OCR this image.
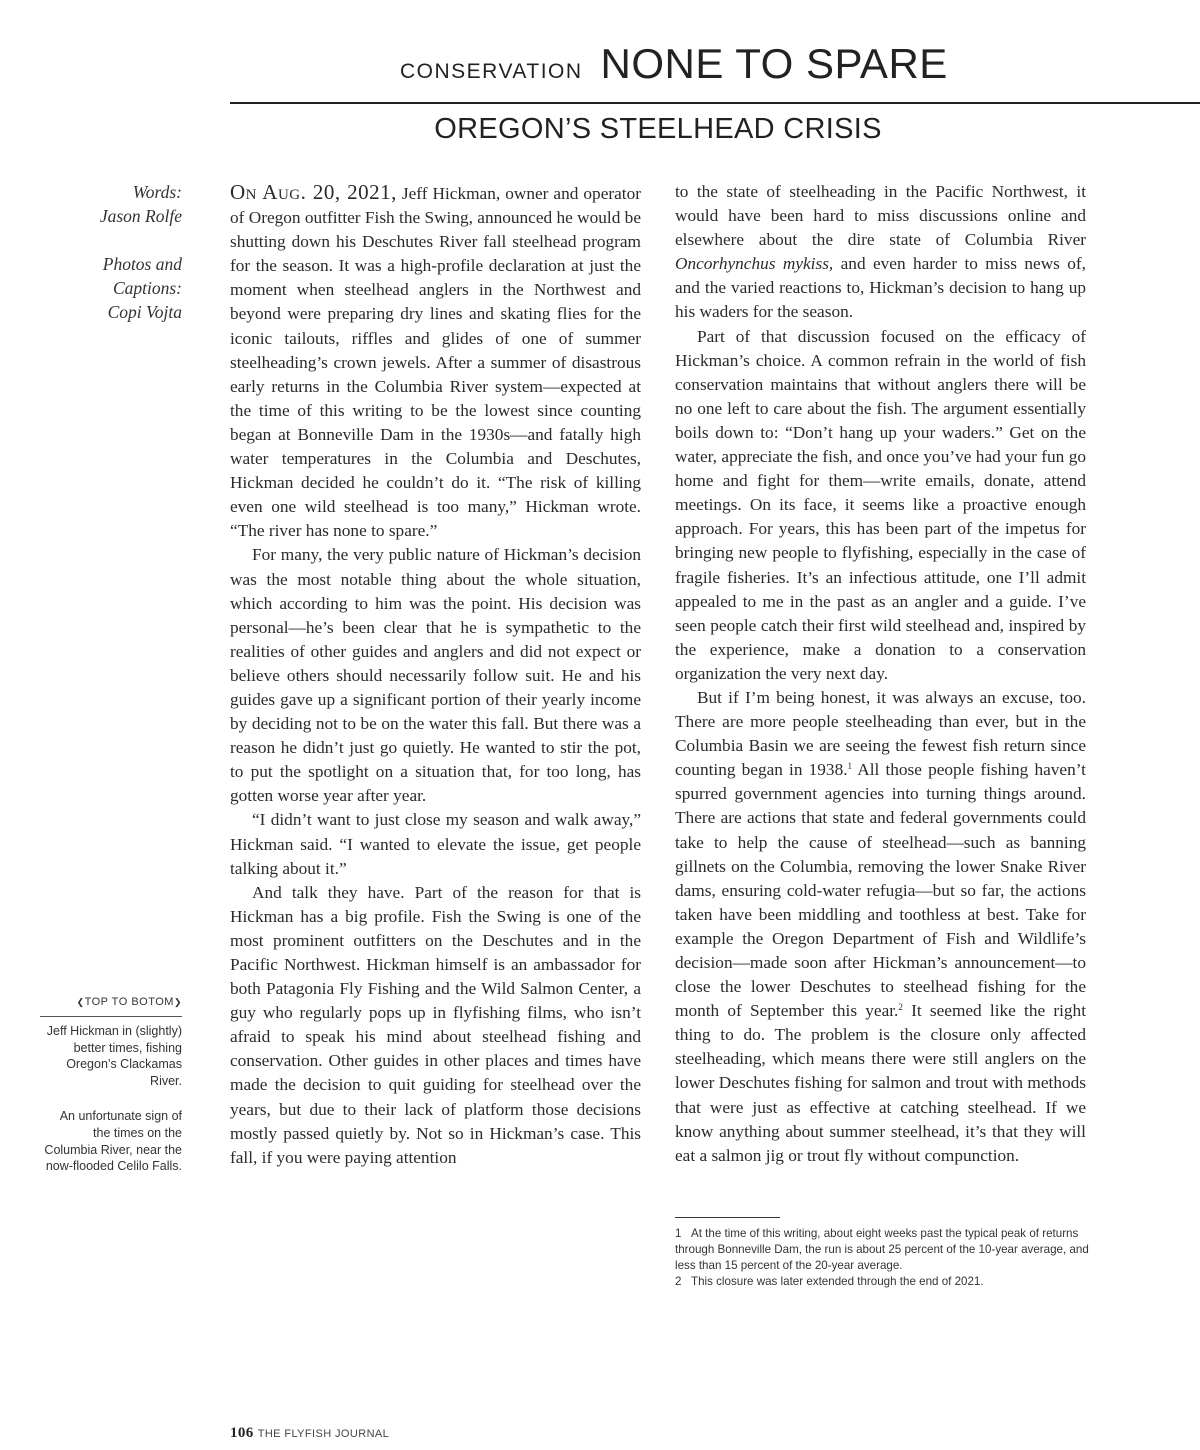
CONSERVATION NONE TO SPARE
OREGON’S STEELHEAD CRISIS

Words:
Jason Rolfe

Photos and
Captions:
Copi Vojta

On Aug. 20, 2021, Jeff Hickman, owner and operator of Oregon outfitter Fish the Swing, announced he would be shutting down his Deschutes River fall steelhead program for the season. It was a high-profile declaration at just the moment when steelhead anglers in the Northwest and beyond were preparing dry lines and skating flies for the iconic tailouts, riffles and glides of one of summer steelheading’s crown jewels. After a summer of disastrous early returns in the Columbia River system—expected at the time of this writing to be the lowest since counting began at Bonneville Dam in the 1930s—and fatally high water temperatures in the Columbia and Deschutes, Hickman decided he couldn’t do it. “The risk of killing even one wild steelhead is too many,” Hickman wrote. “The river has none to spare.”

For many, the very public nature of Hickman’s decision was the most notable thing about the whole situation, which according to him was the point. His decision was personal—he’s been clear that he is sympathetic to the realities of other guides and anglers and did not expect or believe others should necessarily follow suit. He and his guides gave up a significant portion of their yearly income by deciding not to be on the water this fall. But there was a reason he didn’t just go quietly. He wanted to stir the pot, to put the spotlight on a situation that, for too long, has gotten worse year after year.

“I didn’t want to just close my season and walk away,” Hickman said. “I wanted to elevate the issue, get people talking about it.”

And talk they have. Part of the reason for that is Hickman has a big profile. Fish the Swing is one of the most prominent outfitters on the Deschutes and in the Pacific Northwest. Hickman himself is an ambassador for both Patagonia Fly Fishing and the Wild Salmon Center, a guy who regularly pops up in flyfishing films, who isn’t afraid to speak his mind about steelhead fishing and conservation. Other guides in other places and times have made the decision to quit guiding for steelhead over the years, but due to their lack of platform those decisions mostly passed quietly by. Not so in Hickman’s case. This fall, if you were paying attention

to the state of steelheading in the Pacific Northwest, it would have been hard to miss discussions online and elsewhere about the dire state of Columbia River Oncorhynchus mykiss, and even harder to miss news of, and the varied reactions to, Hickman’s decision to hang up his waders for the season.

Part of that discussion focused on the efficacy of Hickman’s choice. A common refrain in the world of fish conservation maintains that without anglers there will be no one left to care about the fish. The argument essentially boils down to: “Don’t hang up your waders.” Get on the water, appreciate the fish, and once you’ve had your fun go home and fight for them—write emails, donate, attend meetings. On its face, it seems like a proactive enough approach. For years, this has been part of the impetus for bringing new people to flyfishing, especially in the case of fragile fisheries. It’s an infectious attitude, one I’ll admit appealed to me in the past as an angler and a guide. I’ve seen people catch their first wild steelhead and, inspired by the experience, make a donation to a conservation organization the very next day.

But if I’m being honest, it was always an excuse, too. There are more people steelheading than ever, but in the Columbia Basin we are seeing the fewest fish return since counting began in 1938.$^1$ All those people fishing haven’t spurred government agencies into turning things around. There are actions that state and federal governments could take to help the cause of steelhead—such as banning gillnets on the Columbia, removing the lower Snake River dams, ensuring cold-water refugia—but so far, the actions taken have been middling and toothless at best. Take for example the Oregon Department of Fish and Wildlife’s decision—made soon after Hickman’s announcement—to close the lower Deschutes to steelhead fishing for the month of September this year.$^2$ It seemed like the right thing to do. The problem is the closure only affected steelheading, which means there were still anglers on the lower Deschutes fishing for salmon and trout with methods that were just as effective at catching steelhead. If we know anything about summer steelhead, it’s that they will eat a salmon jig or trout fly without compunction.

❮TOP TO BOTOM❯

Jeff Hickman in (slightly) better times, fishing Oregon’s Clackamas River.

An unfortunate sign of the times on the Columbia River, near the now-flooded Celilo Falls.

1 At the time of this writing, about eight weeks past the typical peak of returns through Bonneville Dam, the run is about 25 percent of the 10-year average, and less than 15 percent of the 20-year average.

2 This closure was later extended through the end of 2021.

106 THE FLYFISH JOURNAL
